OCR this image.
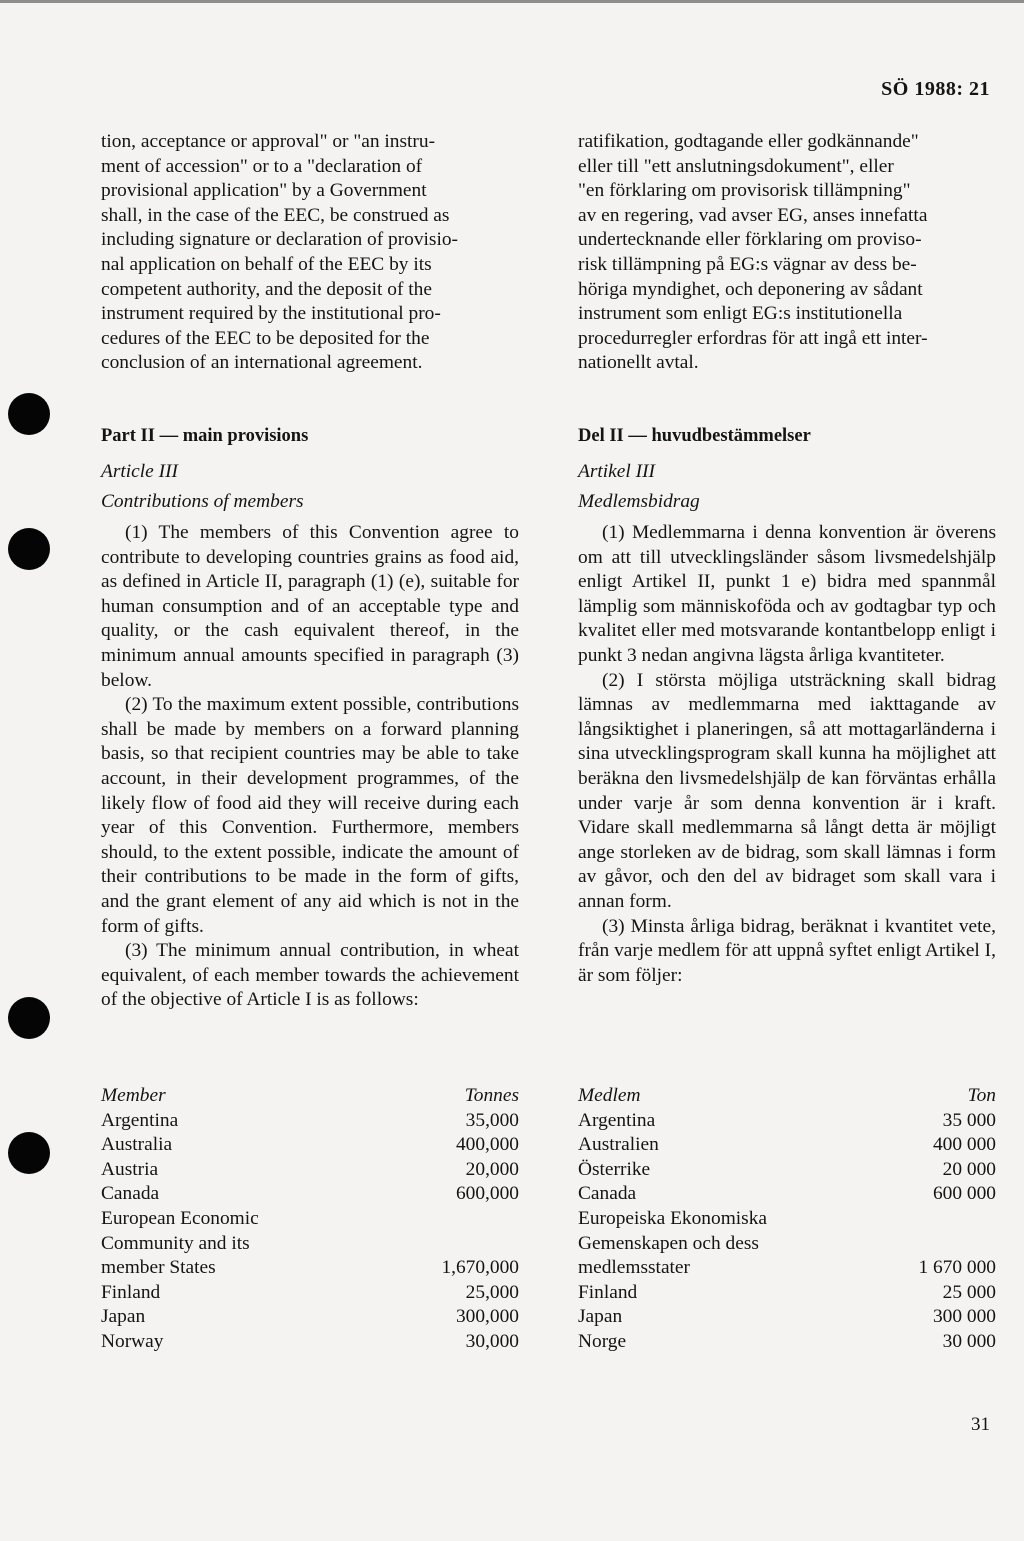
SÖ 1988: 21
tion, acceptance or approval" or "an instru-
ment of accession" or to a "declaration of
provisional application" by a Government
shall, in the case of the EEC, be construed as
including signature or declaration of provisio-
nal application on behalf of the EEC by its
competent authority, and the deposit of the
instrument required by the institutional pro-
cedures of the EEC to be deposited for the
conclusion of an international agreement.
ratifikation, godtagande eller godkännande"
eller till "ett anslutningsdokument", eller
"en förklaring om provisorisk tillämpning"
av en regering, vad avser EG, anses innefatta
undertecknande eller förklaring om proviso-
risk tillämpning på EG:s vägnar av dess be-
höriga myndighet, och deponering av sådant
instrument som enligt EG:s institutionella
procedurregler erfordras för att ingå ett inter-
nationellt avtal.
Part II — main provisions
Article III
Contributions of members
Del II — huvudbestämmelser
Artikel III
Medlemsbidrag

(1) The members of this Convention agree to contribute to developing countries grains as food aid, as defined in Article II, paragraph (1) (e), suitable for human consumption and of an acceptable type and quality, or the cash equivalent thereof, in the minimum annual amounts specified in paragraph (3) below.

(2) To the maximum extent possible, contributions shall be made by members on a forward planning basis, so that recipient countries may be able to take account, in their development programmes, of the likely flow of food aid they will receive during each year of this Convention. Furthermore, members should, to the extent possible, indicate the amount of their contributions to be made in the form of gifts, and the grant element of any aid which is not in the form of gifts.

(3) The minimum annual contribution, in wheat equivalent, of each member towards the achievement of the objective of Article I is as follows:

(1) Medlemmarna i denna konvention är överens om att till utvecklingsländer såsom livsmedelshjälp enligt Artikel II, punkt 1 e) bidra med spannmål lämplig som människoföda och av godtagbar typ och kvalitet eller med motsvarande kontantbelopp enligt i punkt 3 nedan angivna lägsta årliga kvantiteter.

(2) I största möjliga utsträckning skall bidrag lämnas av medlemmarna med iakttagande av långsiktighet i planeringen, så att mottagarländerna i sina utvecklingsprogram skall kunna ha möjlighet att beräkna den livsmedelshjälp de kan förväntas erhålla under varje år som denna konvention är i kraft. Vidare skall medlemmarna så långt detta är möjligt ange storleken av de bidrag, som skall lämnas i form av gåvor, och den del av bidraget som skall vara i annan form.

(3) Minsta årliga bidrag, beräknat i kvantitet vete, från varje medlem för att uppnå syftet enligt Artikel I, är som följer:

Member	Tonnes
Argentina	35,000
Australia	400,000
Austria	20,000
Canada	600,000
European Economic
Community and its
member States	1,670,000
Finland	25,000
Japan	300,000
Norway	30,000
Medlem	Ton
Argentina	35 000
Australien	400 000
Österrike	20 000
Canada	600 000
Europeiska Ekonomiska
Gemenskapen och dess
medlemsstater	1 670 000
Finland	25 000
Japan	300 000
Norge	30 000
31
